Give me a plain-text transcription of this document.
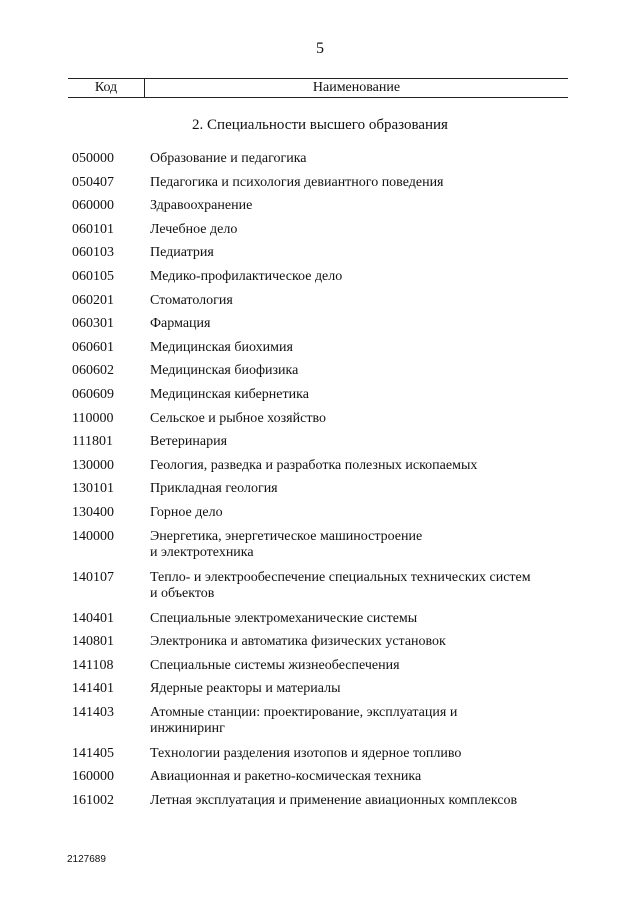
5
Код	Наименование
2. Специальности высшего образования
050000	Образование и педагогика
050407	Педагогика и психология девиантного поведения
060000	Здравоохранение
060101	Лечебное дело
060103	Педиатрия
060105	Медико-профилактическое дело
060201	Стоматология
060301	Фармация
060601	Медицинская биохимия
060602	Медицинская биофизика
060609	Медицинская кибернетика
110000	Сельское и рыбное хозяйство
111801	Ветеринария
130000	Геология, разведка и разработка полезных ископаемых
130101	Прикладная геология
130400	Горное дело
140000	Энергетика, энергетическое машиностроение
и электротехника
140107	Тепло- и электрообеспечение специальных технических систем
и объектов
140401	Специальные электромеханические системы
140801	Электроника и автоматика физических установок
141108	Специальные системы жизнеобеспечения
141401	Ядерные реакторы и материалы
141403	Атомные станции: проектирование, эксплуатация и
инжиниринг
141405	Технологии разделения изотопов и ядерное топливо
160000	Авиационная и ракетно-космическая техника
161002	Летная эксплуатация и применение авиационных комплексов
2127689
